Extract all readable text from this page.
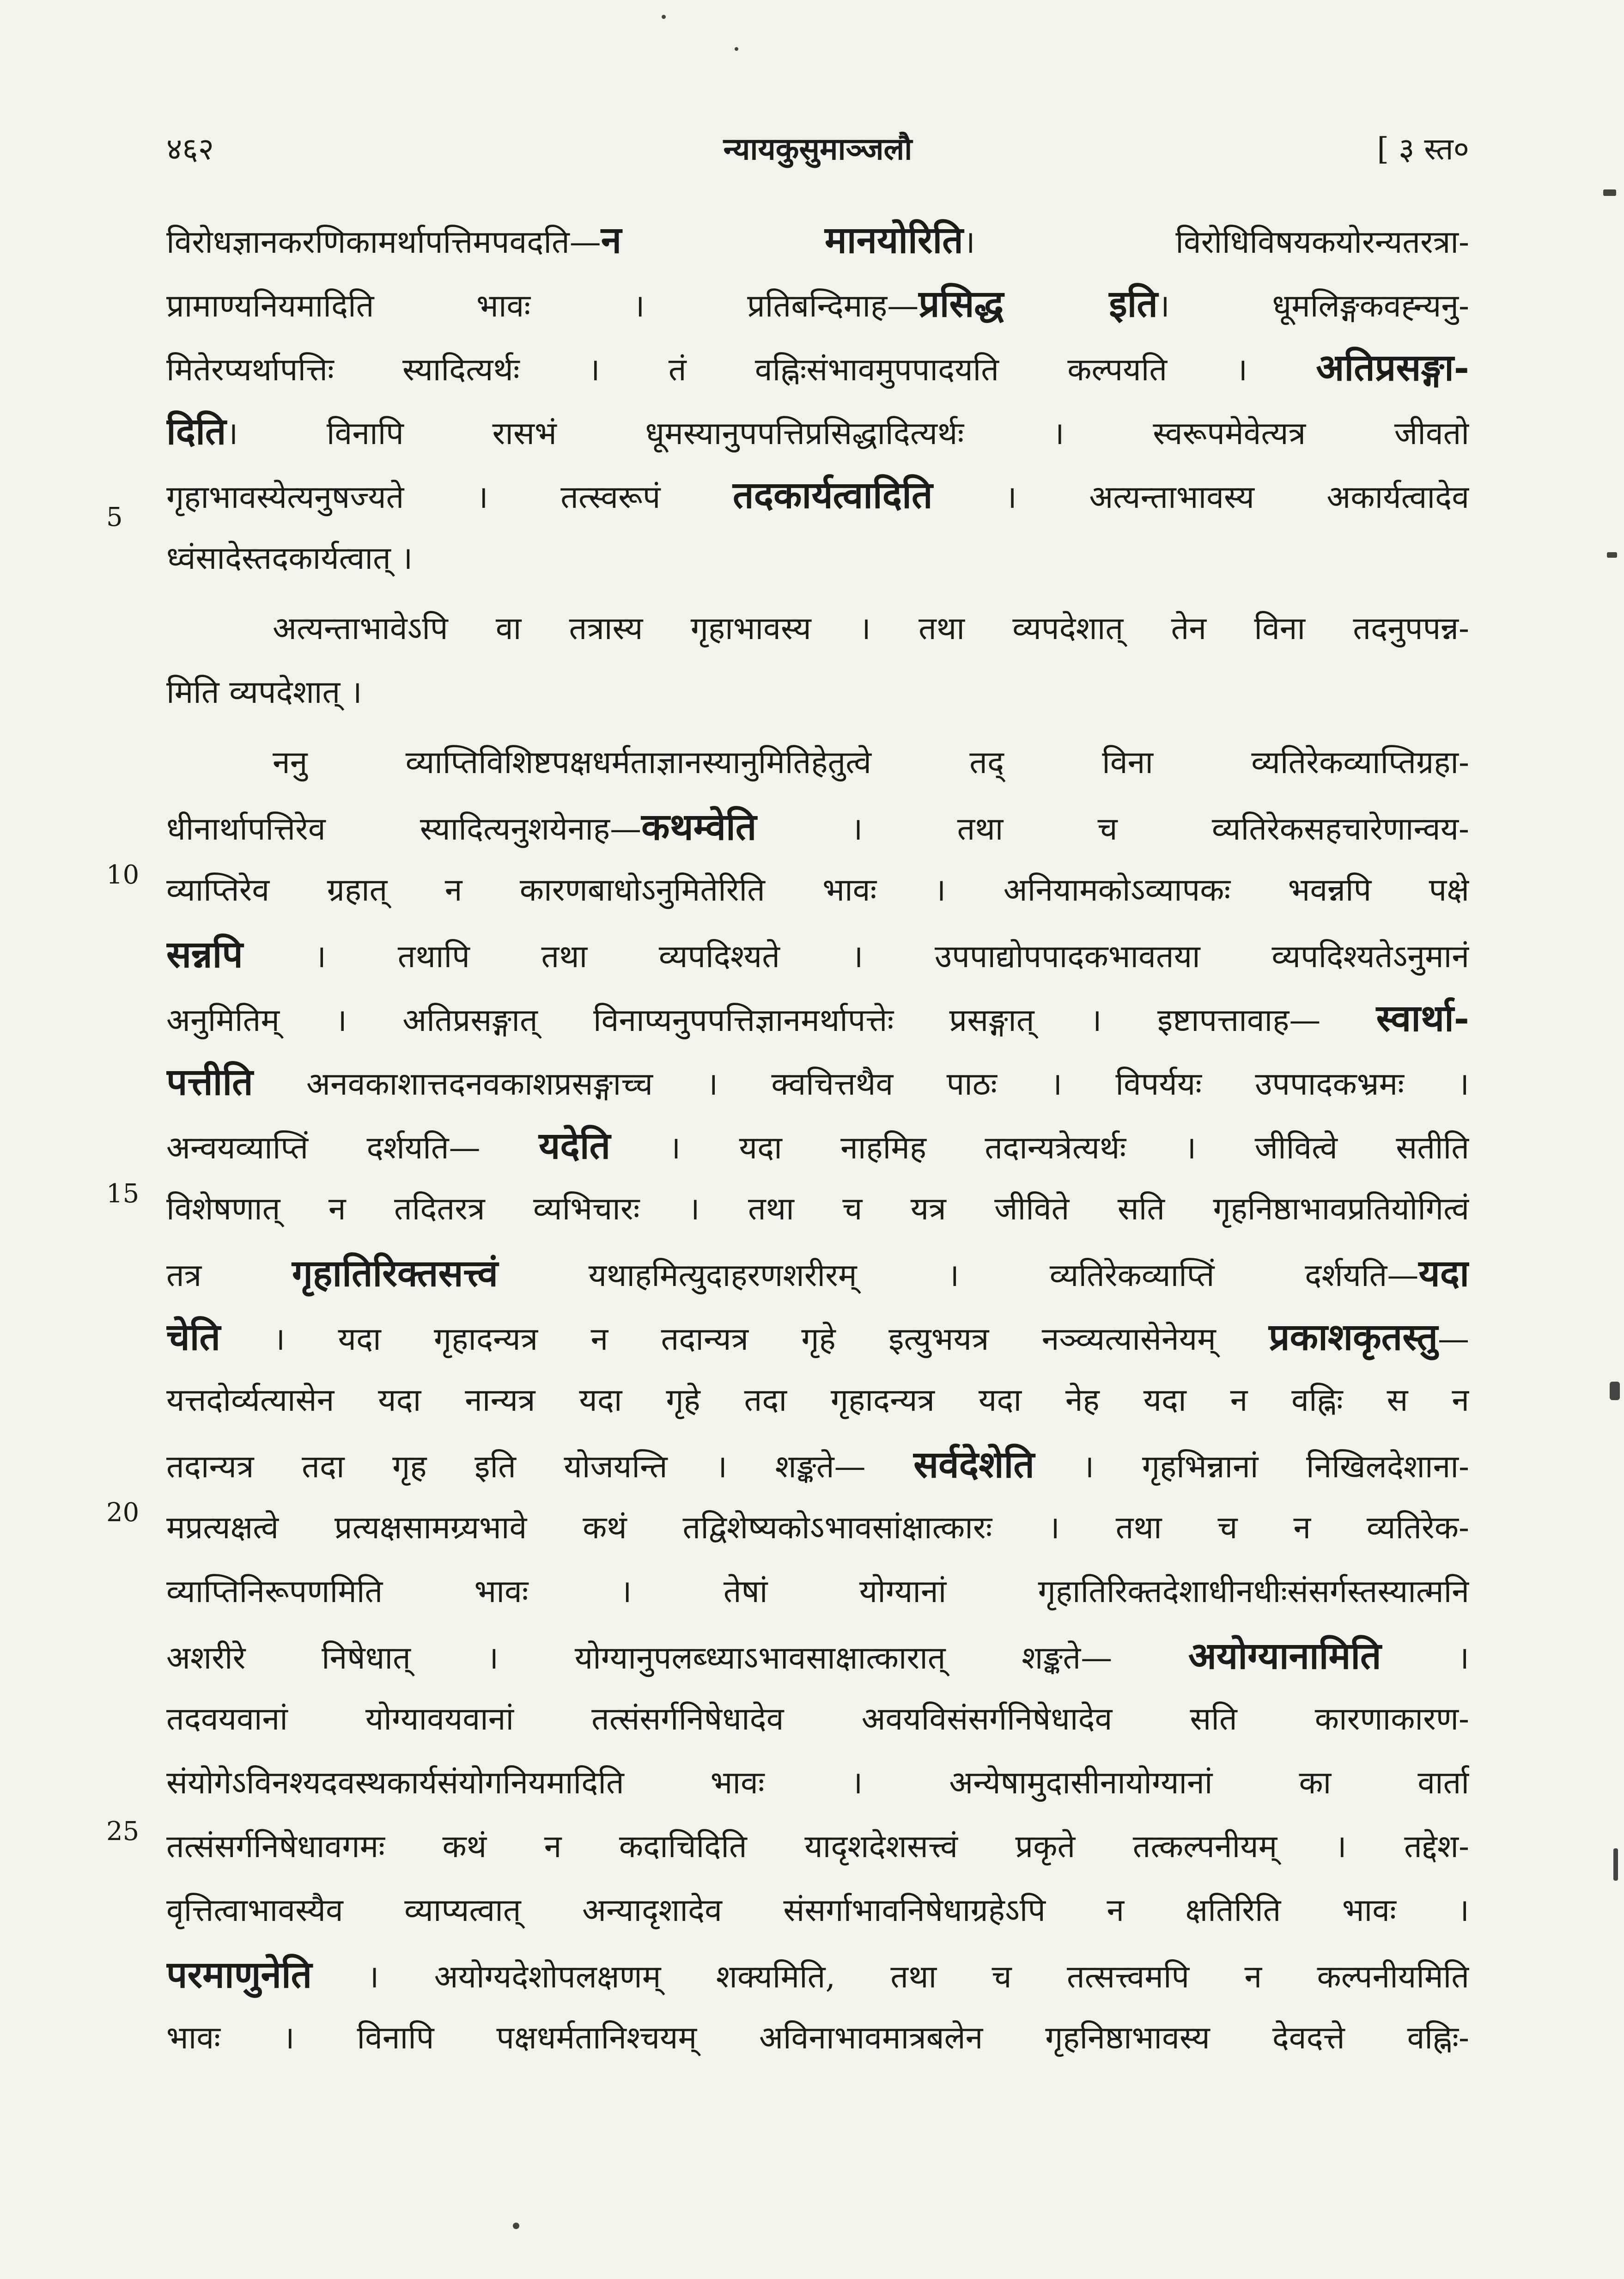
४६२	न्यायकुसुमाञ्जलौ	[ ३ स्त०
5
10
15
20
25
विरोधज्ञानकरणिकामर्थापत्तिमपवदति—न मानयोरिति। विरोधिविषयकयोरन्यतरत्रा-
प्रामाण्यनियमादिति भावः । प्रतिबन्दिमाह—प्रसिद्ध इति। धूमलिङ्गकवह्न्यनु-
मितेरप्यर्थापत्तिः स्यादित्यर्थः । तं वह्निःसंभावमुपपादयति कल्पयति । अतिप्रसङ्गा-
दिति। विनापि रासभं धूमस्यानुपपत्तिप्रसिद्धादित्यर्थः । स्वरूपमेवेत्यत्र जीवतो
गृहाभावस्येत्यनुषज्यते । तत्स्वरूपं तदकार्यत्वादिति । अत्यन्ताभावस्य अकार्यत्वादेव
ध्वंसादेस्तदकार्यत्वात् ।
अत्यन्ताभावेऽपि वा तत्रास्य गृहाभावस्य । तथा व्यपदेशात् तेन विना तदनुपपन्न-
मिति व्यपदेशात् ।
ननु व्याप्तिविशिष्टपक्षधर्मताज्ञानस्यानुमितिहेतुत्वे तद् विना व्यतिरेकव्याप्तिग्रहा-
धीनार्थापत्तिरेव स्यादित्यनुशयेनाह—कथम्वेति । तथा च व्यतिरेकसहचारेणान्वय-
व्याप्तिरेव ग्रहात् न कारणबाधोऽनुमितेरिति भावः । अनियामकोऽव्यापकः भवन्नपि पक्षे
सन्नपि । तथापि तथा व्यपदिश्यते । उपपाद्योपपादकभावतया व्यपदिश्यतेऽनुमानं
अनुमितिम् । अतिप्रसङ्गात् विनाप्यनुपपत्तिज्ञानमर्थापत्तेः प्रसङ्गात् । इष्टापत्तावाह— स्वार्था-
पत्तीति अनवकाशात्तदनवकाशप्रसङ्गाच्च । क्वचित्तथैव पाठः । विपर्ययः उपपादकभ्रमः ।
अन्वयव्याप्तिं दर्शयति— यदेति । यदा नाहमिह तदान्यत्रेत्यर्थः । जीवित्वे सतीति
विशेषणात् न तदितरत्र व्यभिचारः । तथा च यत्र जीविते सति गृहनिष्ठाभावप्रतियोगित्वं
तत्र गृहातिरिक्तसत्त्वं यथाहमित्युदाहरणशरीरम् । व्यतिरेकव्याप्तिं दर्शयति—यदा
चेति । यदा गृहादन्यत्र न तदान्यत्र गृहे इत्युभयत्र नञ्व्यत्यासेनेयम् प्रकाशकृतस्तु—
यत्तदोर्व्यत्यासेन यदा नान्यत्र यदा गृहे तदा गृहादन्यत्र यदा नेह यदा न वह्निः स न
तदान्यत्र तदा गृह इति योजयन्ति । शङ्कते— सर्वदेशेति । गृहभिन्नानां निखिलदेशाना-
मप्रत्यक्षत्वे प्रत्यक्षसामग्र्यभावे कथं तद्विशेष्यकोऽभावसांक्षात्कारः । तथा च न व्यतिरेक-
व्याप्तिनिरूपणमिति भावः । तेषां योग्यानां गृहातिरिक्तदेशाधीनधीःसंसर्गस्तस्यात्मनि
अशरीरे निषेधात् । योग्यानुपलब्ध्याऽभावसाक्षात्कारात् शङ्कते— अयोग्यानामिति ।
तदवयवानां योग्यावयवानां तत्संसर्गनिषेधादेव अवयविसंसर्गनिषेधादेव सति कारणाकारण-
संयोगेऽविनश्यदवस्थकार्यसंयोगनियमादिति भावः । अन्येषामुदासीनायोग्यानां का वार्ता
तत्संसर्गनिषेधावगमः कथं न कदाचिदिति यादृशदेशसत्त्वं प्रकृते तत्कल्पनीयम् । तद्देश-
वृत्तित्वाभावस्यैव व्याप्यत्वात् अन्यादृशादेव संसर्गाभावनिषेधाग्रहेऽपि न क्षतिरिति भावः ।
परमाणुनेति । अयोग्यदेशोपलक्षणम् शक्यमिति, तथा च तत्सत्त्वमपि न कल्पनीयमिति
भावः । विनापि पक्षधर्मतानिश्चयम् अविनाभावमात्रबलेन गृहनिष्ठाभावस्य देवदत्ते वह्निः-
